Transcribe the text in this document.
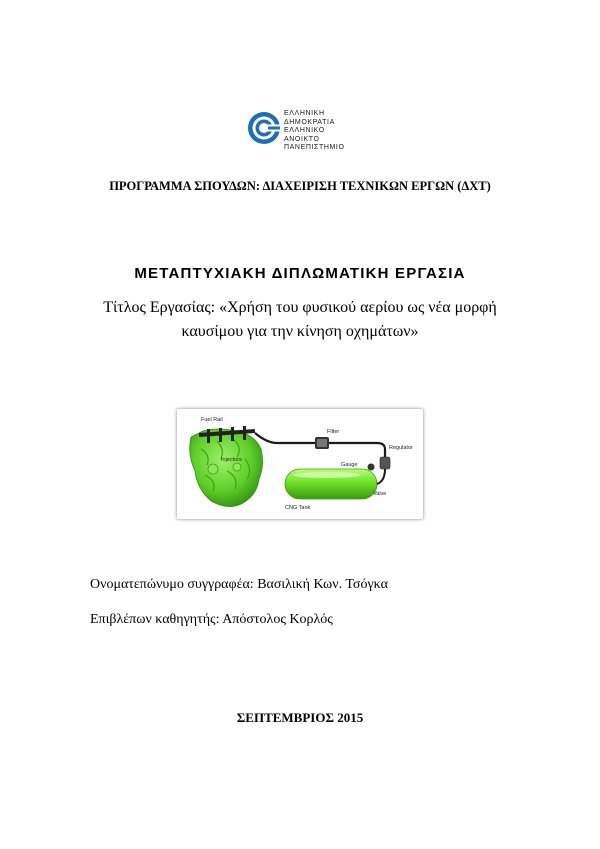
ΕΛΛΗΝΙΚΗ
ΔΗΜΟΚΡΑΤΙΑ
ΕΛΛΗΝΙΚΟ ΑΝΟΙΚΤΟ
ΠΑΝΕΠΙΣΤΗΜΙΟ
ΠΡΟΓΡΑΜΜΑ ΣΠΟΥΔΩΝ: ΔΙΑΧΕΙΡΙΣΗ ΤΕΧΝΙΚΩΝ ΕΡΓΩΝ (ΔΧΤ)
ΜΕΤΑΠΤΥΧΙΑΚΗ ΔΙΠΛΩΜΑΤΙΚΗ ΕΡΓΑΣΙΑ
Τίτλος Εργασίας: «Χρήση του φυσικού αερίου ως νέα μορφή
καυσίμου για την κίνηση οχημάτων»
Fuel Rail
Injectors
Filter
Regulator
Gauge
Valve
CNG Tank
Ονοματεπώνυμο συγγραφέα: Βασιλική Κων. Τσόγκα
Επιβλέπων καθηγητής: Απόστολος Κορλός
ΣΕΠΤΕΜΒΡΙΟΣ 2015
